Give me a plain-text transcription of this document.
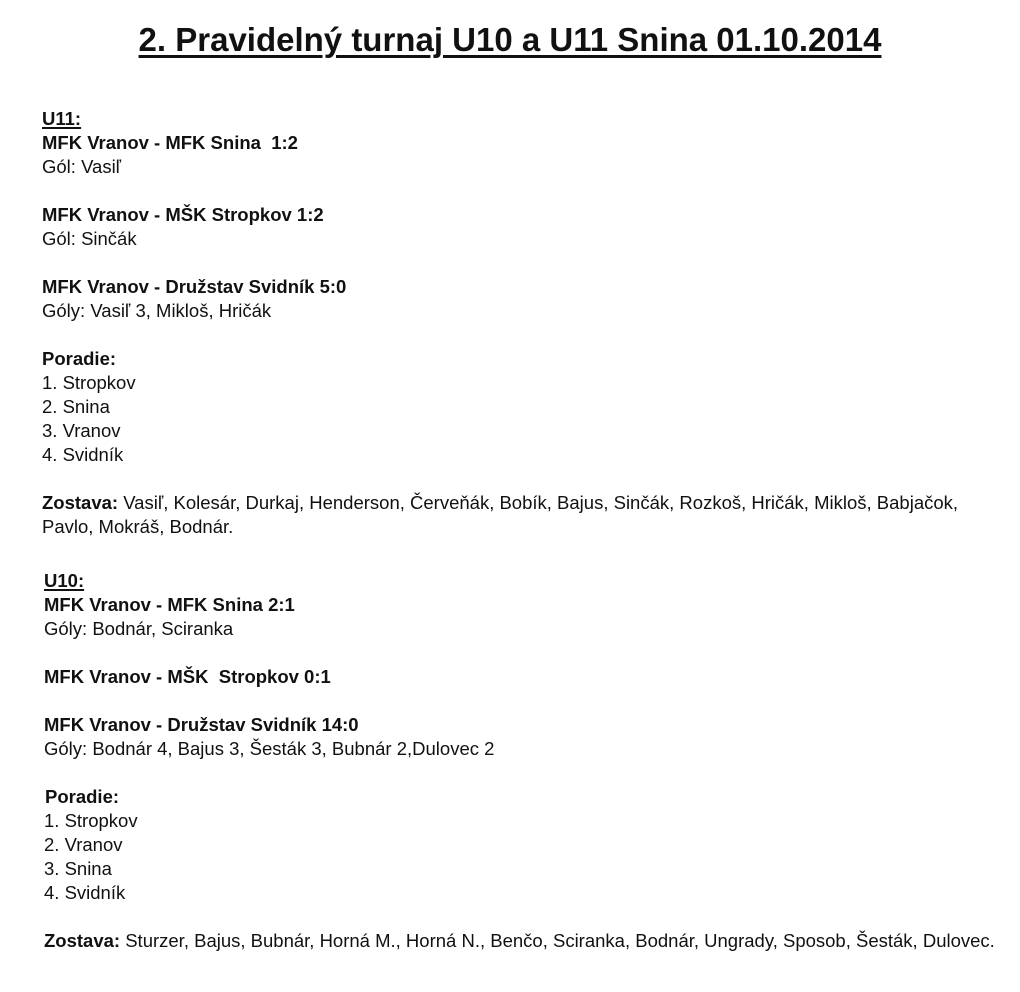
2. Pravidelný turnaj U10 a U11 Snina 01.10.2014
U11:
MFK Vranov - MFK Snina  1:2
Gól: Vasiľ
MFK Vranov - MŠK Stropkov 1:2
Gól: Sinčák
MFK Vranov - Družstav Svidník 5:0
Góly: Vasiľ 3, Mikloš, Hričák
Poradie:
1. Stropkov
2. Snina
3. Vranov
4. Svidník

Zostava: Vasiľ, Kolesár, Durkaj, Henderson, Červeňák, Bobík, Bajus, Sinčák, Rozkoš, Hričák, Mikloš, Babjačok, Pavlo, Mokráš, Bodnár.

U10:
MFK Vranov - MFK Snina 2:1
Góly: Bodnár, Sciranka
MFK Vranov - MŠK  Stropkov 0:1
MFK Vranov - Družstav Svidník 14:0
Góly: Bodnár 4, Bajus 3, Šesták 3, Bubnár 2,Dulovec 2
Poradie:
1. Stropkov
2. Vranov
3. Snina
4. Svidník

Zostava: Sturzer, Bajus, Bubnár, Horná M., Horná N., Benčo, Sciranka, Bodnár, Ungrady, Sposob, Šesták, Dulovec.
